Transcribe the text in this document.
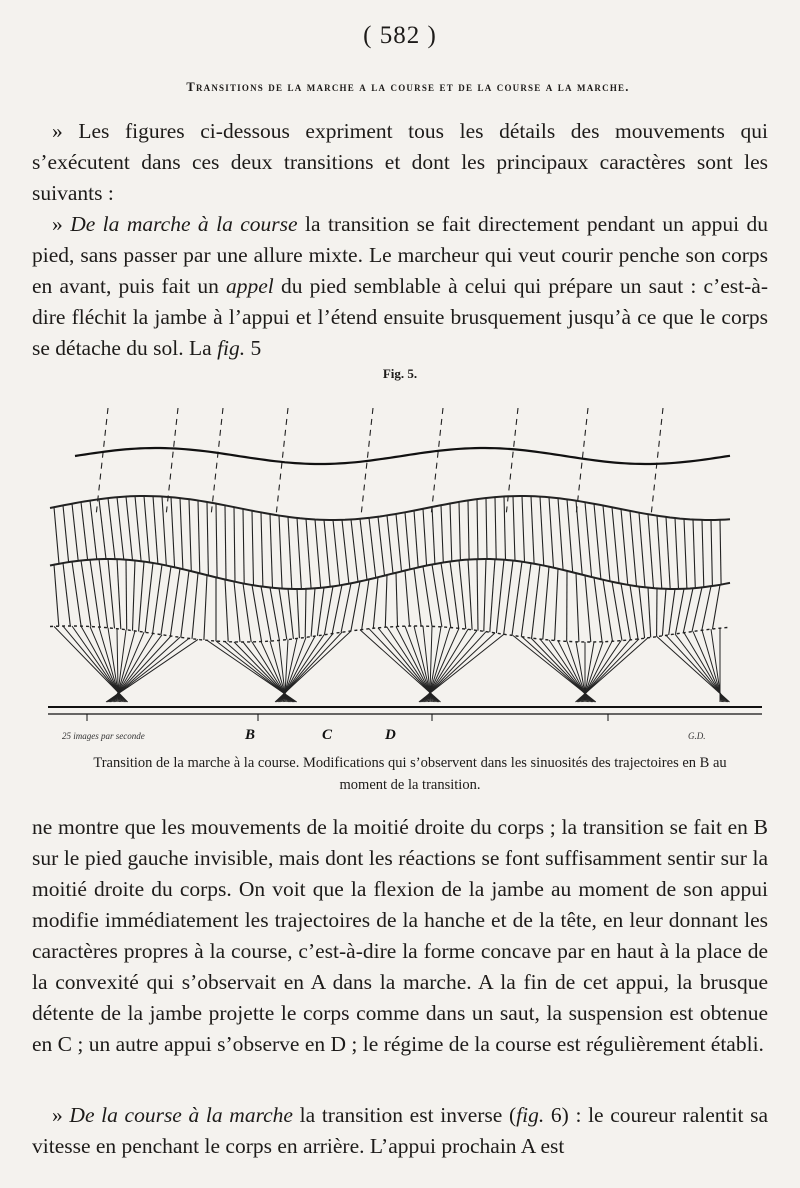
( 582 )
Transitions de la marche a la course et de la course a la marche.

» Les figures ci-dessous expriment tous les détails des mouvements qui s’exécutent dans ces deux transitions et dont les principaux caractères sont les suivants :

» De la marche à la course la transition se fait directement pendant un appui du pied, sans passer par une allure mixte. Le marcheur qui veut courir penche son corps en avant, puis fait un appel du pied semblable à celui qui prépare un saut : c’est-à-dire fléchit la jambe à l’appui et l’étend ensuite brusquement jusqu’à ce que le corps se détache du sol. La fig. 5

Fig. 5.
25 images par seconde	B	C	D	G.D.
Transition de la marche à la course. Modifications qui s’observent dans les sinuosités des trajectoires en B au moment de la transition.

ne montre que les mouvements de la moitié droite du corps ; la transition se fait en B sur le pied gauche invisible, mais dont les réactions se font suffisamment sentir sur la moitié droite du corps. On voit que la flexion de la jambe au moment de son appui modifie immédiatement les trajectoires de la hanche et de la tête, en leur donnant les caractères propres à la course, c’est-à-dire la forme concave par en haut à la place de la convexité qui s’observait en A dans la marche. A la fin de cet appui, la brusque détente de la jambe projette le corps comme dans un saut, la suspension est obtenue en C ; un autre appui s’observe en D ; le régime de la course est régulièrement établi.

» De la course à la marche la transition est inverse (fig. 6) : le coureur ralentit sa vitesse en penchant le corps en arrière. L’appui prochain A est
